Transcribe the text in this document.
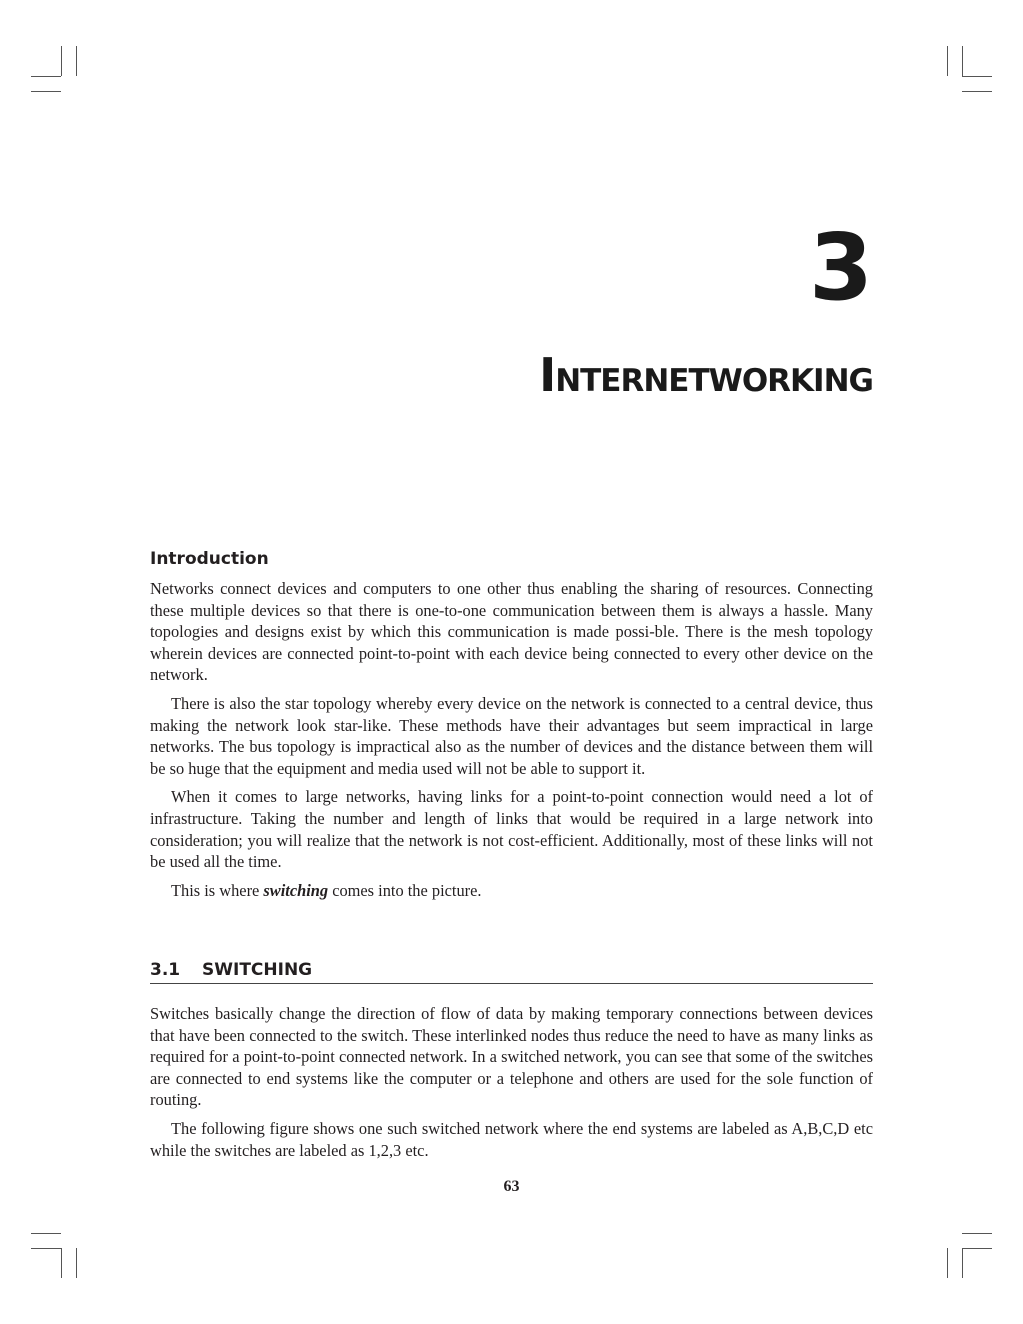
3
INTERNETWORKING
Introduction

Networks connect devices and computers to one other thus enabling the sharing of resources. Connecting these multiple devices so that there is one-to-one communication between them is always a hassle. Many topologies and designs exist by which this communication is made possi-ble. There is the mesh topology wherein devices are connected point-to-point with each device being connected to every other device on the network.

There is also the star topology whereby every device on the network is connected to a central device, thus making the network look star-like. These methods have their advantages but seem impractical in large networks. The bus topology is impractical also as the number of devices and the distance between them will be so huge that the equipment and media used will not be able to support it.

When it comes to large networks, having links for a point-to-point connection would need a lot of infrastructure. Taking the number and length of links that would be required in a large network into consideration; you will realize that the network is not cost-efficient. Additionally, most of these links will not be used all the time.

This is where switching comes into the picture.

3.1	SWITCHING

Switches basically change the direction of flow of data by making temporary connections between devices that have been connected to the switch. These interlinked nodes thus reduce the need to have as many links as required for a point-to-point connected network. In a switched network, you can see that some of the switches are connected to end systems like the computer or a telephone and others are used for the sole function of routing.

The following figure shows one such switched network where the end systems are labeled as A,B,C,D etc while the switches are labeled as 1,2,3 etc.

63
